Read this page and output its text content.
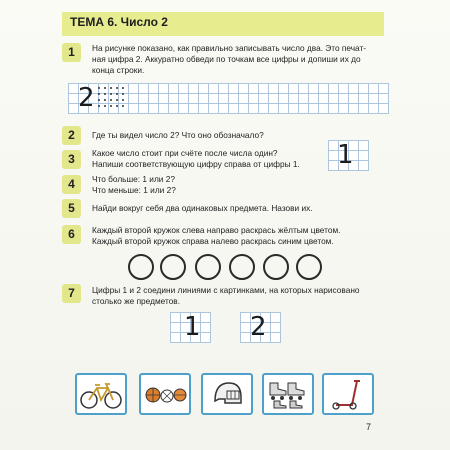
ТЕМА 6. Число 2
1	На рисунке показано, как правильно записывать число два. Это печат-
ная цифра 2. Аккуратно обведи по точкам все цифры и допиши их до
конца строки.
2
2	Где ты видел число 2? Что оно обозначало?
3	Какое число стоит при счёте после числа один?
Напиши соответствующую цифру справа от цифры 1.	1
4	Что больше: 1 или 2?
Что меньше: 1 или 2?
5	Найди вокруг себя два одинаковых предмета. Назови их.
6	Каждый второй кружок слева направо раскрась жёлтым цветом.
Каждый второй кружок справа налево раскрась синим цветом.
7	Цифры 1 и 2 соедини линиями с картинками, на которых нарисовано
столько же предметов.
1 2
7
